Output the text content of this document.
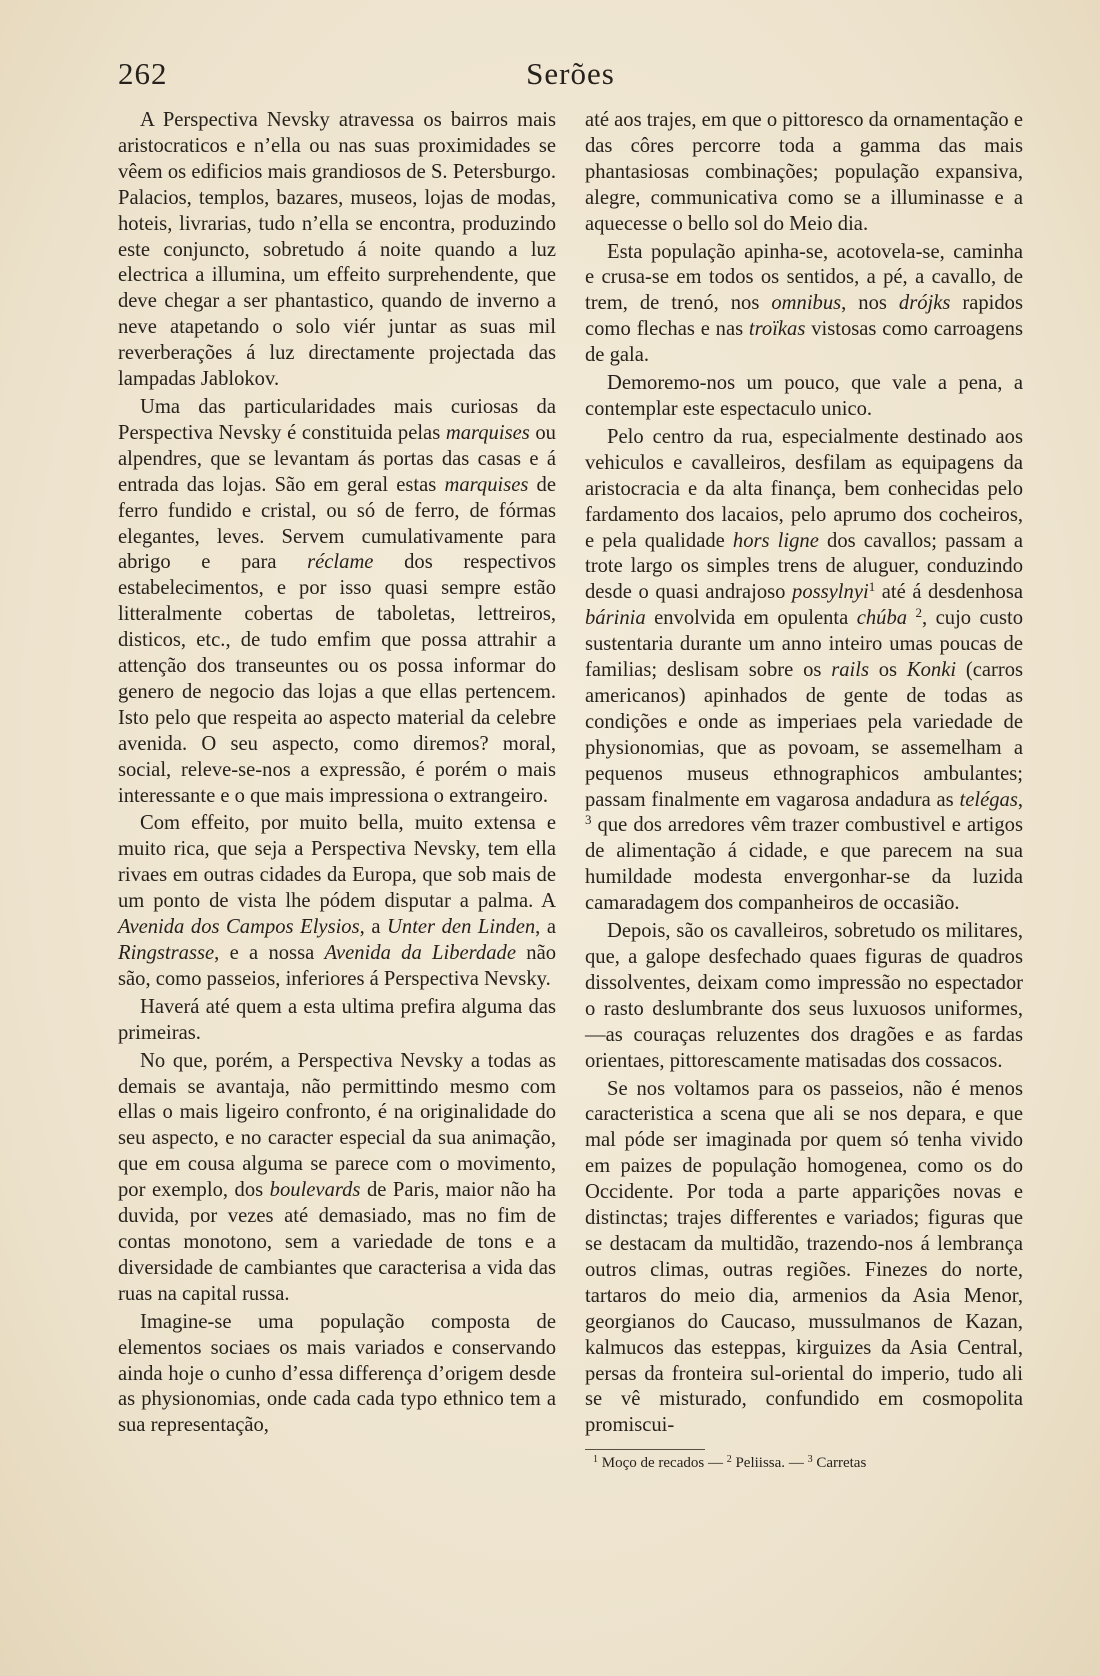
262	Serões

A Perspectiva Nevsky atravessa os bairros mais aristocraticos e n’ella ou nas suas proximidades se vêem os edificios mais grandiosos de S. Petersburgo. Palacios, templos, bazares, museos, lojas de modas, hoteis, livrarias, tudo n’ella se encontra, produzindo este conjuncto, sobretudo á noite quando a luz electrica a illumina, um effeito surprehendente, que deve chegar a ser phantastico, quando de inverno a neve atapetando o solo viér juntar as suas mil reverberações á luz directamente projectada das lampadas Jablokov.

Uma das particularidades mais curiosas da Perspectiva Nevsky é constituida pelas marquises ou alpendres, que se levantam ás portas das casas e á entrada das lojas. São em geral estas marquises de ferro fundido e cristal, ou só de ferro, de fórmas elegantes, leves. Servem cumulativamente para abrigo e para réclame dos respectivos estabelecimentos, e por isso quasi sempre estão litteralmente cobertas de taboletas, lettreiros, disticos, etc., de tudo emfim que possa attrahir a attenção dos transeuntes ou os possa informar do genero de negocio das lojas a que ellas pertencem. Isto pelo que respeita ao aspecto material da celebre avenida. O seu aspecto, como diremos? moral, social, releve-se-nos a expressão, é porém o mais interessante e o que mais impressiona o extrangeiro.

Com effeito, por muito bella, muito extensa e muito rica, que seja a Perspectiva Nevsky, tem ella rivaes em outras cidades da Europa, que sob mais de um ponto de vista lhe pódem disputar a palma. A Avenida dos Campos Elysios, a Unter den Linden, a Ringstrasse, e a nossa Avenida da Liberdade não são, como passeios, inferiores á Perspectiva Nevsky.

Haverá até quem a esta ultima prefira alguma das primeiras.

No que, porém, a Perspectiva Nevsky a todas as demais se avantaja, não permittindo mesmo com ellas o mais ligeiro confronto, é na originalidade do seu aspecto, e no caracter especial da sua animação, que em cousa alguma se parece com o movimento, por exemplo, dos boulevards de Paris, maior não ha duvida, por vezes até demasiado, mas no fim de contas monotono, sem a variedade de tons e a diversidade de cambiantes que caracterisa a vida das ruas na capital russa.

Imagine-se uma população composta de elementos sociaes os mais variados e conservando ainda hoje o cunho d’essa differença d’origem desde as physionomias, onde cada cada typo ethnico tem a sua representação,

até aos trajes, em que o pittoresco da ornamentação e das côres percorre toda a gamma das mais phantasiosas combinações; população expansiva, alegre, communicativa como se a illuminasse e a aquecesse o bello sol do Meio dia.

Esta população apinha-se, acotovela-se, caminha e crusa-se em todos os sentidos, a pé, a cavallo, de trem, de trenó, nos omnibus, nos drójks rapidos como flechas e nas troïkas vistosas como carroagens de gala.

Demoremo-nos um pouco, que vale a pena, a contemplar este espectaculo unico.

Pelo centro da rua, especialmente destinado aos vehiculos e cavalleiros, desfilam as equipagens da aristocracia e da alta finança, bem conhecidas pelo fardamento dos lacaios, pelo aprumo dos cocheiros, e pela qualidade hors ligne dos cavallos; passam a trote largo os simples trens de aluguer, conduzindo desde o quasi andrajoso possylnyi$^1$ até á desdenhosa bárinia envolvida em opulenta chúba $^2$, cujo custo sustentaria durante um anno inteiro umas poucas de familias; deslisam sobre os rails os Konki (carros americanos) apinhados de gente de todas as condições e onde as imperiaes pela variedade de physionomias, que as povoam, se assemelham a pequenos museus ethnographicos ambulantes; passam finalmente em vagarosa andadura as telégas, $^3$ que dos arredores vêm trazer combustivel e artigos de alimentação á cidade, e que parecem na sua humildade modesta envergonhar-se da luzida camaradagem dos companheiros de occasião.

Depois, são os cavalleiros, sobretudo os militares, que, a galope desfechado quaes figuras de quadros dissolventes, deixam como impressão no espectador o rasto deslumbrante dos seus luxuosos uniformes,—as couraças reluzentes dos dragões e as fardas orientaes, pittorescamente matisadas dos cossacos.

Se nos voltamos para os passeios, não é menos caracteristica a scena que ali se nos depara, e que mal póde ser imaginada por quem só tenha vivido em paizes de população homogenea, como os do Occidente. Por toda a parte apparições novas e distinctas; trajes differentes e variados; figuras que se destacam da multidão, trazendo-nos á lembrança outros climas, outras regiões. Finezes do norte, tartaros do meio dia, armenios da Asia Menor, georgianos do Caucaso, mussulmanos de Kazan, kalmucos das esteppas, kirguizes da Asia Central, persas da fronteira sul-oriental do imperio, tudo ali se vê misturado, confundido em cosmopolita promiscui-

$^1$ Moço de recados — $^2$ Peliissa. — $^3$ Carretas
